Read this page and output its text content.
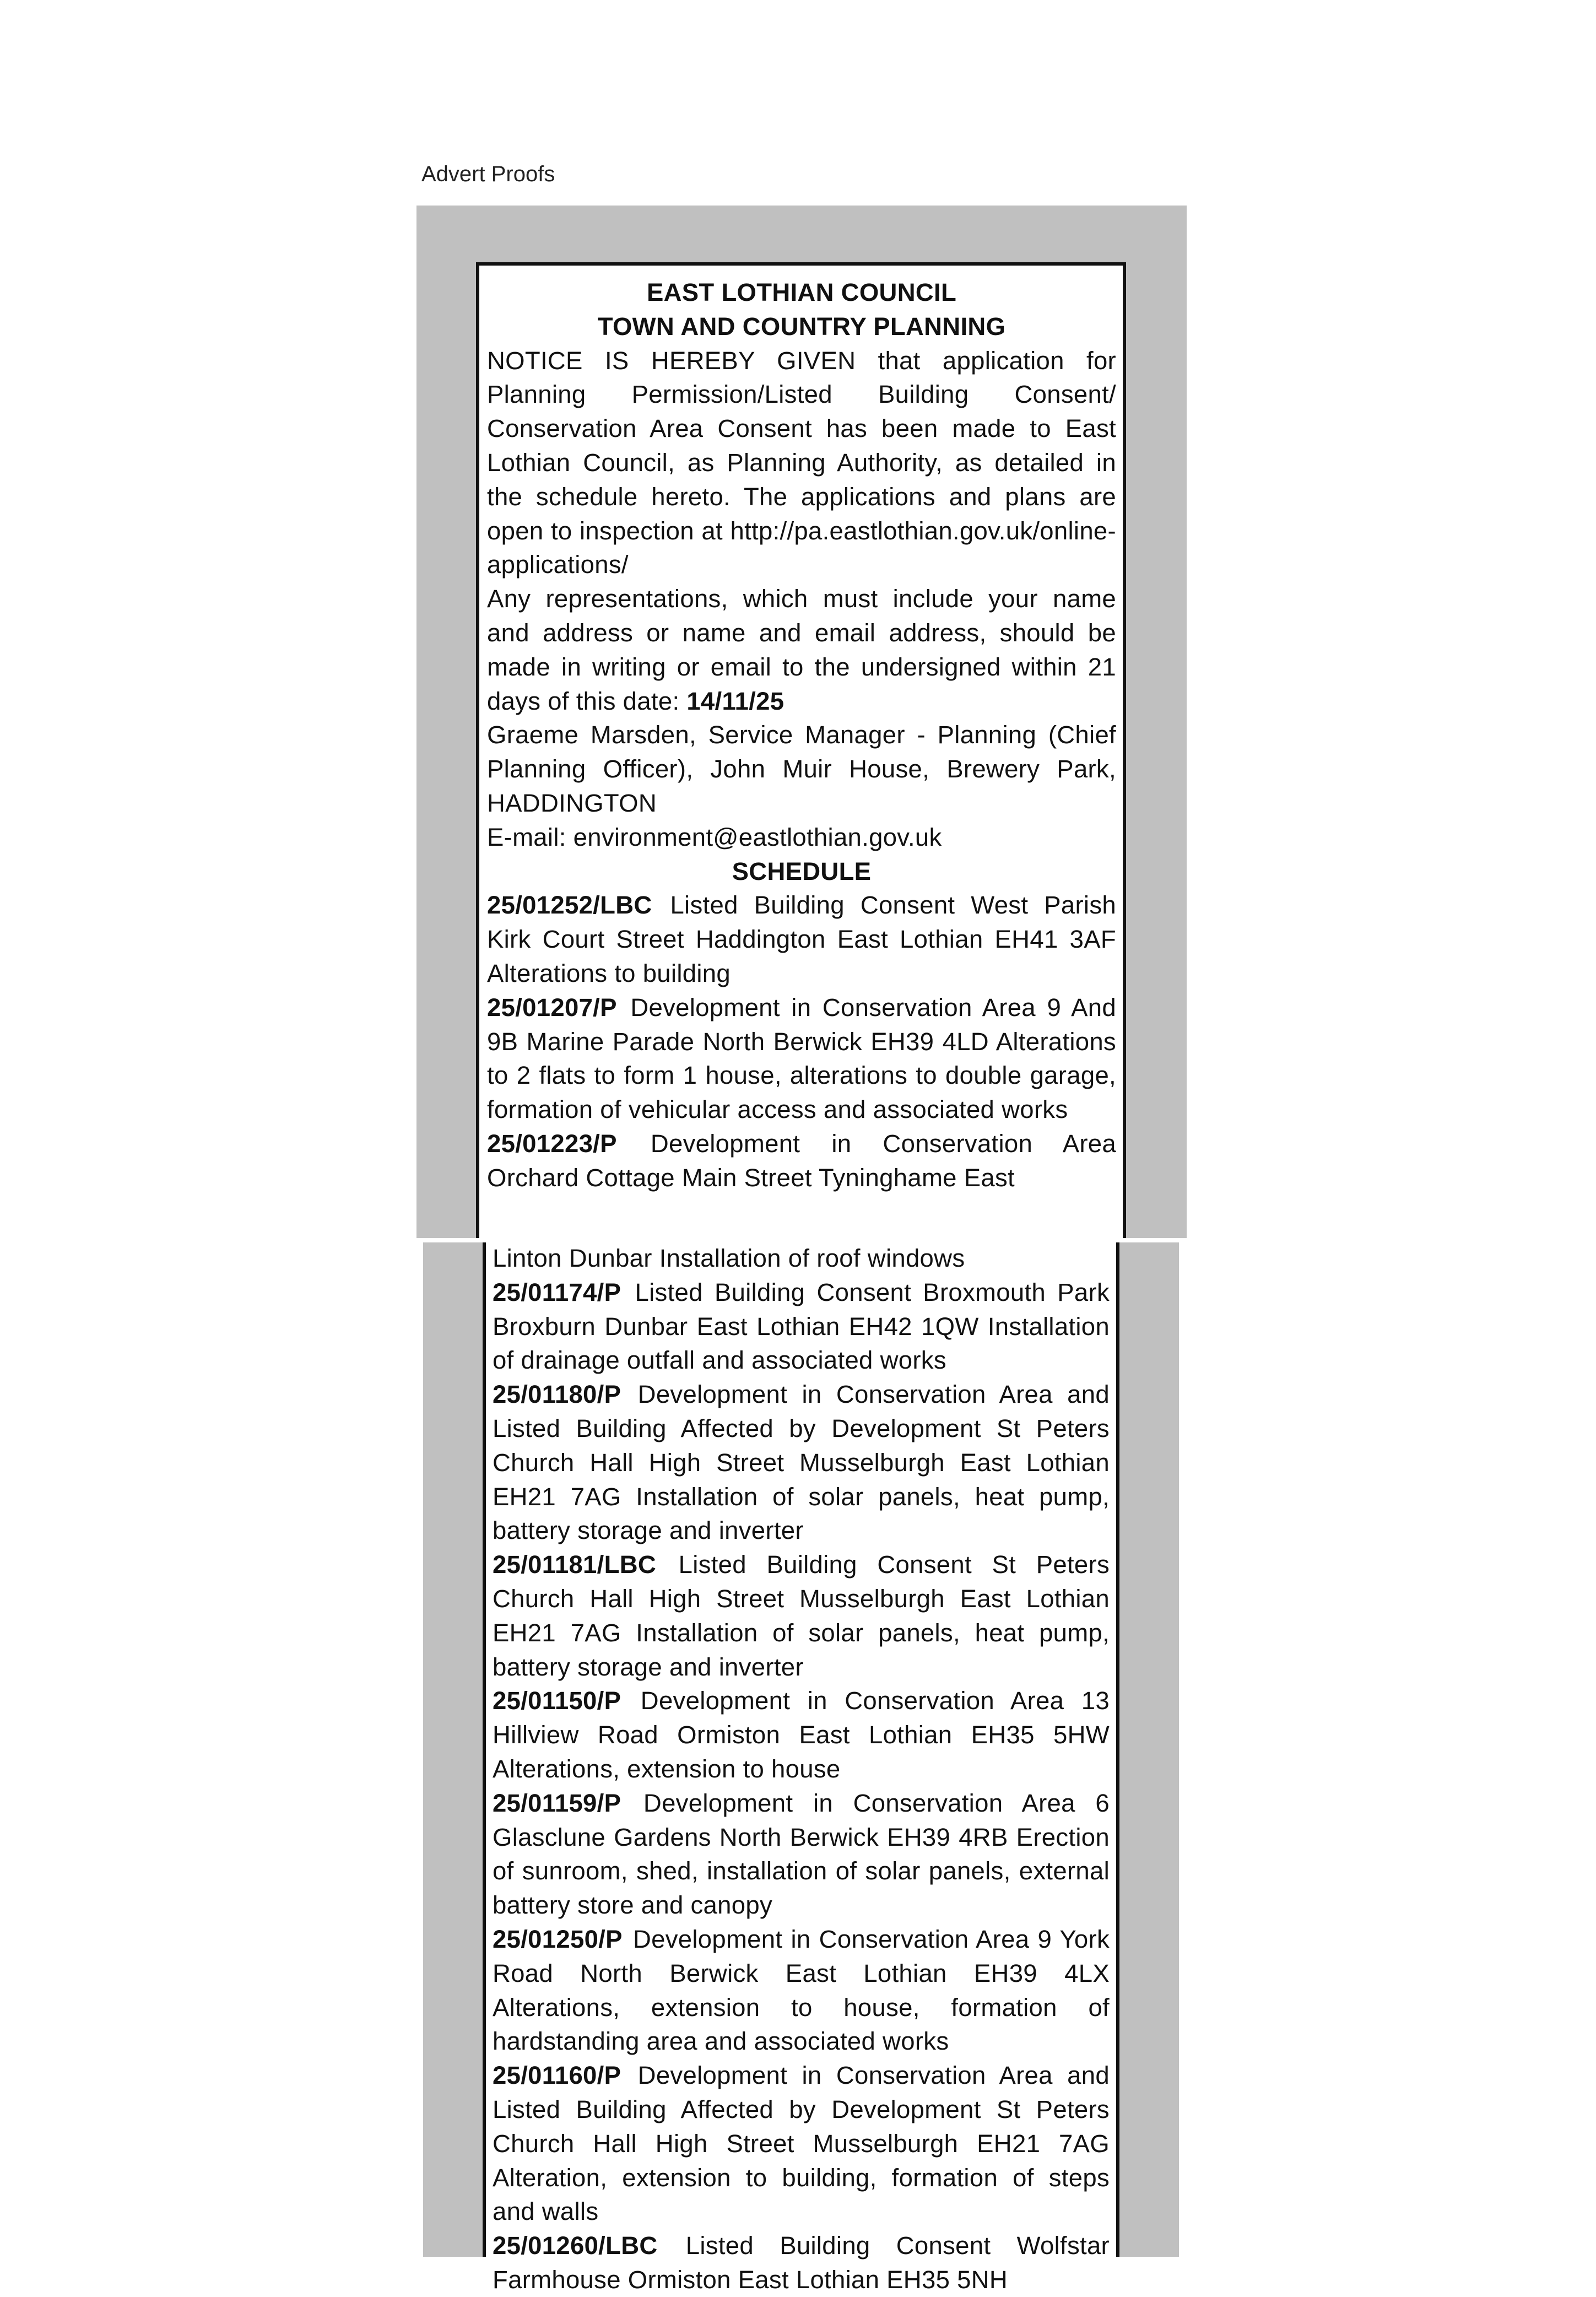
Advert Proofs

EAST LOTHIAN COUNCIL

TOWN AND COUNTRY PLANNING

NOTICE IS HEREBY GIVEN that application for Planning Permission/Listed Building Consent/ Conservation Area Consent has been made to East Lothian Council, as Planning Authority, as detailed in the schedule hereto. The applications and plans are open to inspection at http://pa.eastlothian.gov.uk/online-applications/

Any representations, which must include your name and address or name and email address, should be made in writing or email to the undersigned within 21 days of this date: 14/11/25

Graeme Marsden, Service Manager - Planning (Chief Planning Officer), John Muir House, Brewery Park, HADDINGTON

E-mail: environment@eastlothian.gov.uk

SCHEDULE

25/01252/LBC Listed Building Consent West Parish Kirk Court Street Haddington East Lothian EH41 3AF Alterations to building

25/01207/P Development in Conservation Area 9 And 9B Marine Parade North Berwick EH39 4LD Alterations to 2 flats to form 1 house, alterations to double garage, formation of vehicular access and associated works

25/01223/P Development in Conservation Area Orchard Cottage Main Street Tyninghame East

Linton Dunbar Installation of roof windows

25/01174/P Listed Building Consent Broxmouth Park Broxburn Dunbar East Lothian EH42 1QW Installation of drainage outfall and associated works

25/01180/P Development in Conservation Area and Listed Building Affected by Development St Peters Church Hall High Street Musselburgh East Lothian EH21 7AG Installation of solar panels, heat pump, battery storage and inverter

25/01181/LBC Listed Building Consent St Peters Church Hall High Street Musselburgh East Lothian EH21 7AG Installation of solar panels, heat pump, battery storage and inverter

25/01150/P Development in Conservation Area 13 Hillview Road Ormiston East Lothian EH35 5HW Alterations, extension to house

25/01159/P Development in Conservation Area 6 Glasclune Gardens North Berwick EH39 4RB Erection of sunroom, shed, installation of solar panels, external battery store and canopy

25/01250/P Development in Conservation Area 9 York Road North Berwick East Lothian EH39 4LX Alterations, extension to house, formation of hardstanding area and associated works

25/01160/P Development in Conservation Area and Listed Building Affected by Development St Peters Church Hall High Street Musselburgh EH21 7AG Alteration, extension to building, formation of steps and walls

25/01260/LBC Listed Building Consent Wolfstar Farmhouse Ormiston East Lothian EH35 5NH
